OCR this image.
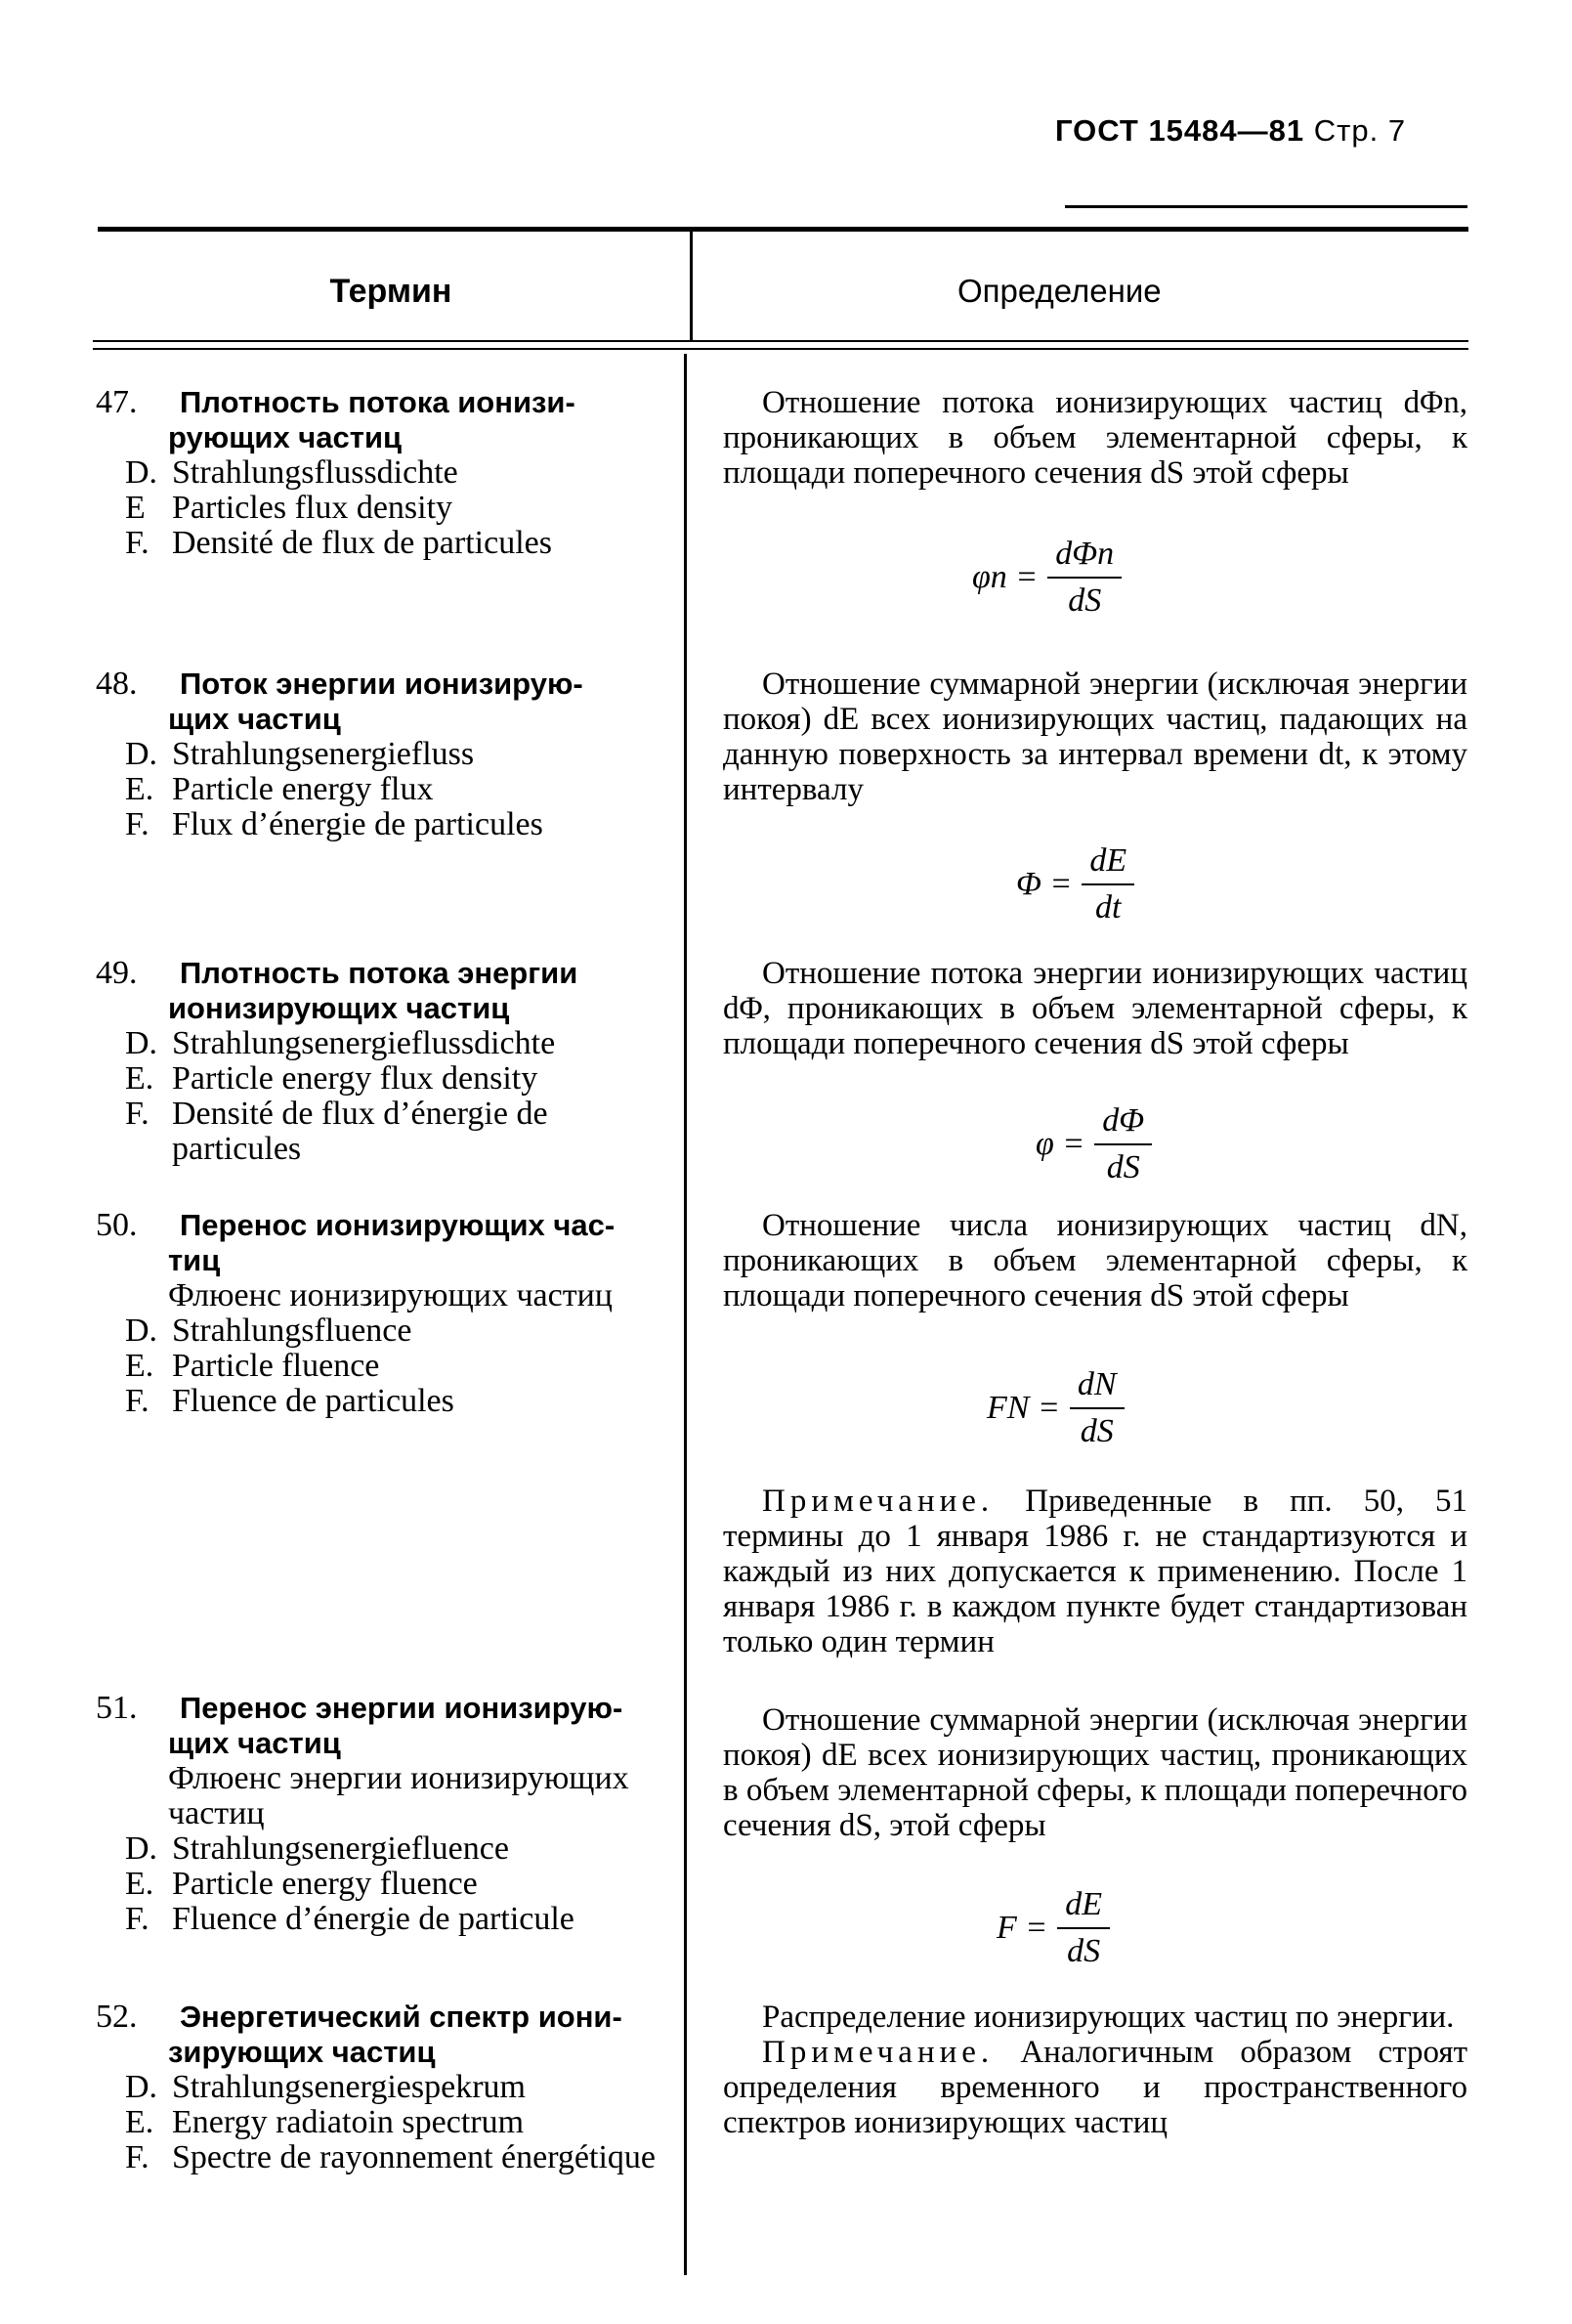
ГОСТ 15484—81 Стр. 7
Термин	Определение
47.	Плотность потока ионизи-
рующих частиц
D. Strahlungsflussdichte
E Particles flux density
F. Densité de flux de particules
Отношение потока ионизирующих частиц dΦn, проникающих в объем элементарной сферы, к площади поперечного сечения dS этой сферы
$\varphi n = \frac{\text{dΦn}}{dS}$
48.	Поток энергии ионизирую-
щих частиц
D. Strahlungsenergiefluss
E. Particle energy flux
F. Flux d’énergie de particules
Отношение суммарной энергии (исключая энергии покоя) dE всех ионизирующих частиц, падающих на данную поверхность за интервал времени dt, к этому интервалу
$\Phi = \frac{dE}{dt}$
49.	Плотность потока энергии
ионизирующих частиц
D. Strahlungsenergieflussdichte
E. Particle energy flux density
F. Densité de flux d’énergie de particules
Отношение потока энергии ионизирующих частиц dΦ, проникающих в объем элементарной сферы, к площади поперечного сечения dS этой сферы
$\varphi = \frac{d\Phi}{dS}$
50.	Перенос ионизирующих час-
тиц
Флюенс ионизирующих частиц
D. Strahlungsfluence
E. Particle fluence
F. Fluence de particules
Отношение числа ионизирующих частиц dN, проникающих в объем элементарной сферы, к площади поперечного сечения dS этой сферы
FN = $\frac{dN}{dS}$
Примечание. Приведенные в пп. 50, 51 термины до 1 января 1986 г. не стандартизуются и каждый из них допускается к применению. После 1 января 1986 г. в каждом пункте будет стандартизован только один термин
51.	Перенос энергии ионизирую-
щих частиц
Флюенс энергии ионизирующих частиц
D. Strahlungsenergiefluence
E. Particle energy fluence
F. Fluence d’énergie de particule
Отношение суммарной энергии (исключая энергии покоя) dE всех ионизирующих частиц, проникающих в объем элементарной сферы, к площади поперечного сечения dS, этой сферы
$F = \frac{dE}{dS}$
52.	Энергетический спектр иони-
зирующих частиц
D. Strahlungsenergiespekrum
E. Energy radiatoin spectrum
F. Spectre de rayonnement énergétique
Распределение ионизирующих частиц по энергии.
Примечание. Аналогичным образом строят определения временного и пространственного спектров ионизирующих частиц
